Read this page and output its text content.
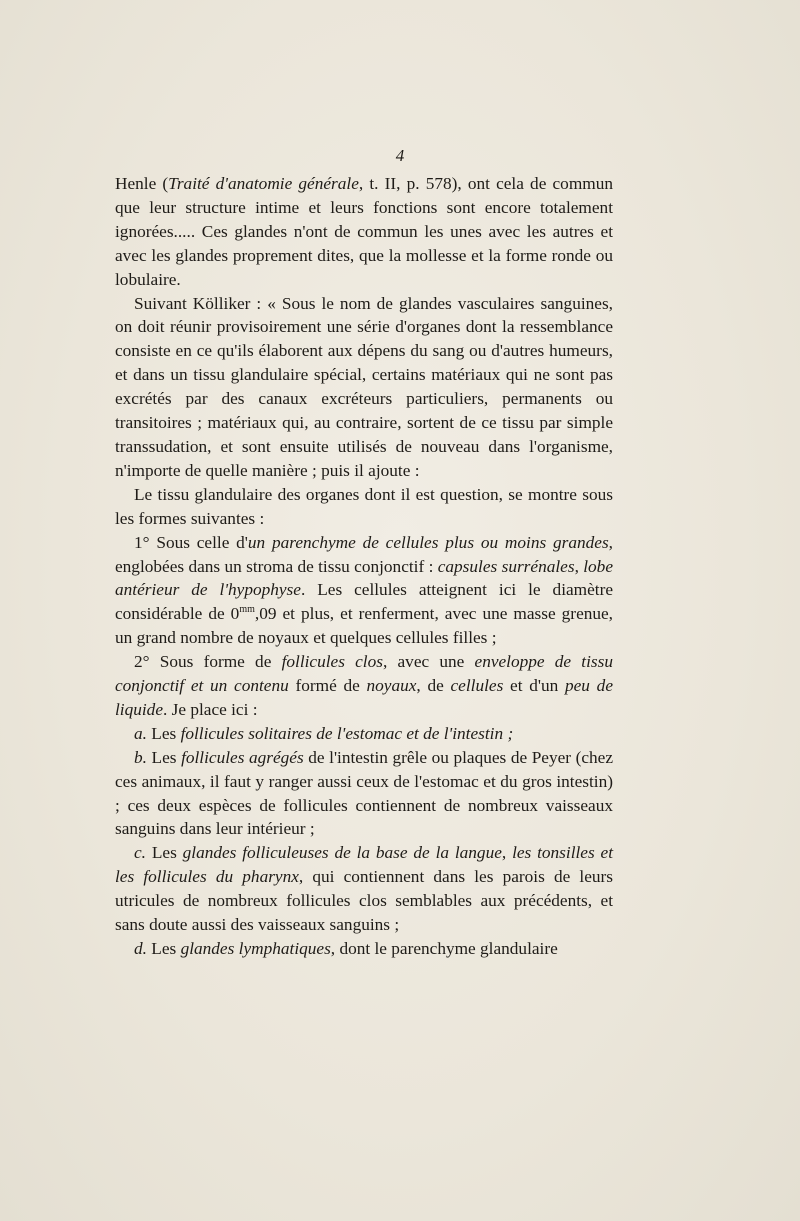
4

Henle (Traité d'anatomie générale, t. II, p. 578), ont cela de commun que leur structure intime et leurs fonctions sont encore totalement ignorées..... Ces glandes n'ont de commun les unes avec les autres et avec les glandes proprement dites, que la mollesse et la forme ronde ou lobulaire.

Suivant Kölliker : « Sous le nom de glandes vasculaires sanguines, on doit réunir provisoirement une série d'organes dont la ressemblance consiste en ce qu'ils élaborent aux dépens du sang ou d'autres humeurs, et dans un tissu glandulaire spécial, certains matériaux qui ne sont pas excrétés par des canaux excréteurs particuliers, permanents ou transitoires ; matériaux qui, au contraire, sortent de ce tissu par simple transsudation, et sont ensuite utilisés de nouveau dans l'organisme, n'importe de quelle manière ; puis il ajoute :

Le tissu glandulaire des organes dont il est question, se montre sous les formes suivantes :

1° Sous celle d'un parenchyme de cellules plus ou moins grandes, englobées dans un stroma de tissu conjonctif : capsules surrénales, lobe antérieur de l'hypophyse. Les cellules atteignent ici le diamètre considérable de $0^{mm},09$ et plus, et renferment, avec une masse grenue, un grand nombre de noyaux et quelques cellules filles ;

2° Sous forme de follicules clos, avec une enveloppe de tissu conjonctif et un contenu formé de noyaux, de cellules et d'un peu de liquide. Je place ici :

a. Les follicules solitaires de l'estomac et de l'intestin ;

b. Les follicules agrégés de l'intestin grêle ou plaques de Peyer (chez ces animaux, il faut y ranger aussi ceux de l'estomac et du gros intestin) ; ces deux espèces de follicules contiennent de nombreux vaisseaux sanguins dans leur intérieur ;

c. Les glandes folliculeuses de la base de la langue, les tonsilles et les follicules du pharynx, qui contiennent dans les parois de leurs utricules de nombreux follicules clos semblables aux précédents, et sans doute aussi des vaisseaux sanguins ;

d. Les glandes lymphatiques, dont le parenchyme glandulaire
